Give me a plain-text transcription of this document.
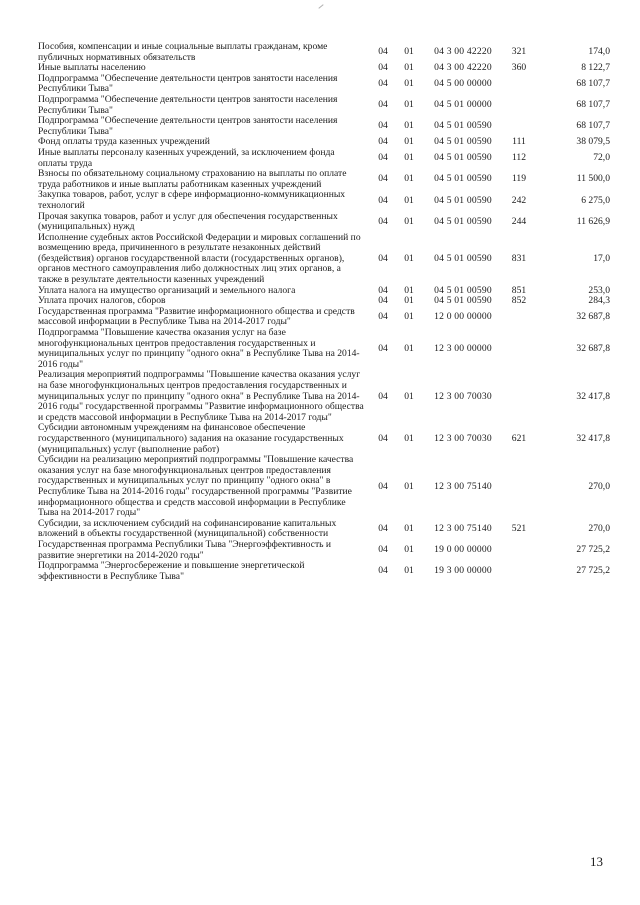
Пособия, компенсации и иные социальные выплаты гражданам, кроме публичных нормативных обязательств	04	01	04 3 00 42220	321	174,0
Иные выплаты населению	04	01	04 3 00 42220	360	8 122,7
Подпрограмма "Обеспечение деятельности центров занятости населения Республики Тыва"	04	01	04 5 00 00000		68 107,7
Подпрограмма "Обеспечение деятельности центров занятости населения Республики Тыва"	04	01	04 5 01 00000		68 107,7
Подпрограмма "Обеспечение деятельности центров занятости населения Республики Тыва"	04	01	04 5 01 00590		68 107,7
Фонд оплаты труда казенных учреждений	04	01	04 5 01 00590	111	38 079,5
Иные выплаты персоналу казенных учреждений, за исключением фонда оплаты труда	04	01	04 5 01 00590	112	72,0
Взносы по обязательному социальному страхованию на выплаты по оплате труда работников и иные выплаты работникам казенных учреждений	04	01	04 5 01 00590	119	11 500,0
Закупка товаров, работ, услуг в сфере информационно-коммуникационных технологий	04	01	04 5 01 00590	242	6 275,0
Прочая закупка товаров, работ и услуг для обеспечения государственных (муниципальных) нужд	04	01	04 5 01 00590	244	11 626,9
Исполнение судебных актов Российской Федерации и мировых соглашений по возмещению вреда, причиненного в результате незаконных действий (бездействия) органов государственной власти (государственных органов), органов местного самоуправления либо должностных лиц этих органов, а также в результате деятельности казенных учреждений	04	01	04 5 01 00590	831	17,0
Уплата налога на имущество организаций и земельного налога	04	01	04 5 01 00590	851	253,0
Уплата прочих налогов, сборов	04	01	04 5 01 00590	852	284,3
Государственная программа "Развитие информационного общества и средств массовой информации в Республике Тыва на 2014-2017 годы"	04	01	12 0 00 00000		32 687,8
Подпрограмма "Повышение качества оказания услуг на базе многофункциональных центров предоставления государственных и муниципальных услуг по принципу "одного окна" в Республике Тыва на 2014-2016 годы"	04	01	12 3 00 00000		32 687,8
Реализация мероприятий подпрограммы "Повышение качества оказания услуг на базе многофункциональных центров предоставления государственных и муниципальных услуг по принципу "одного окна" в Республике Тыва на 2014-2016 годы" государственной программы "Развитие информационного общества и средств массовой информации в Республике Тыва на 2014-2017 годы"	04	01	12 3 00 70030		32 417,8
Субсидии автономным учреждениям на финансовое обеспечение государственного (муниципального) задания на оказание государственных (муниципальных) услуг (выполнение работ)	04	01	12 3 00 70030	621	32 417,8
Субсидии на реализацию мероприятий подпрограммы "Повышение качества оказания услуг на базе многофункциональных центров предоставления государственных и муниципальных услуг по принципу "одного окна" в Республике Тыва на 2014-2016 годы" государственной программы "Развитие информационного общества и средств массовой информации в Республике Тыва на 2014-2017 годы"	04	01	12 3 00 75140		270,0
Субсидии, за исключением субсидий на софинансирование капитальных вложений в объекты государственной (муниципальной) собственности	04	01	12 3 00 75140	521	270,0
Государственная программа Республики Тыва "Энергоэффективность и развитие энергетики на 2014-2020 годы"	04	01	19 0 00 00000		27 725,2
Подпрограмма "Энергосбережение и повышение энергетической эффективности в Республике Тыва"	04	01	19 3 00 00000		27 725,2
13
